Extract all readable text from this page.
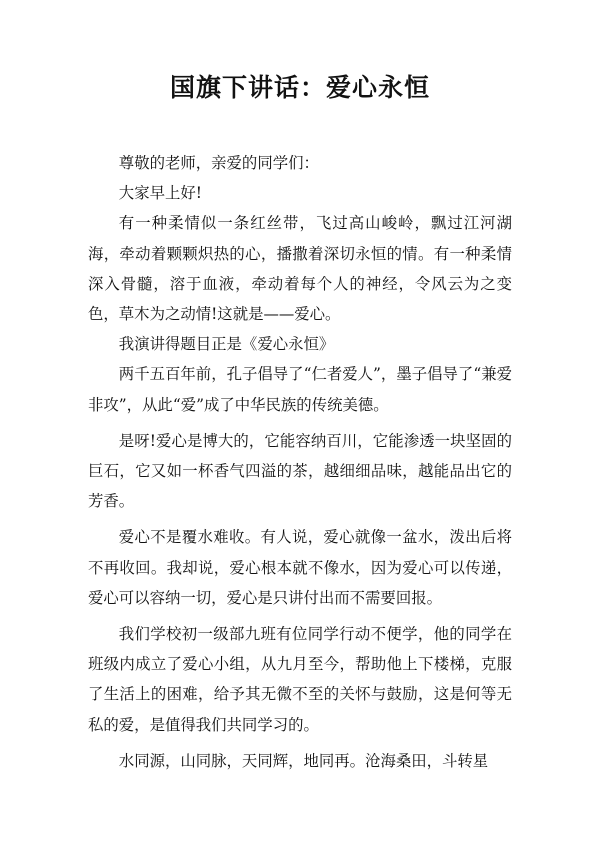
国旗下讲话：爱心永恒

尊敬的老师，亲爱的同学们：

大家早上好!

有一种柔情似一条红丝带，飞过高山峻岭，飘过江河湖海，牵动着颗颗炽热的心，播撒着深切永恒的情。有一种柔情深入骨髓，溶于血液，牵动着每个人的神经，令风云为之变色，草木为之动情!这就是——爱心。

我演讲得题目正是《爱心永恒》

两千五百年前，孔子倡导了“仁者爱人”，墨子倡导了“兼爱非攻”，从此“爱”成了中华民族的传统美德。

是呀!爱心是博大的，它能容纳百川，它能渗透一块坚固的巨石，它又如一杯香气四溢的茶，越细细品味，越能品出它的芳香。

爱心不是覆水难收。有人说，爱心就像一盆水，泼出后将不再收回。我却说，爱心根本就不像水，因为爱心可以传递，爱心可以容纳一切，爱心是只讲付出而不需要回报。

我们学校初一级部九班有位同学行动不便学，他的同学在班级内成立了爱心小组，从九月至今，帮助他上下楼梯，克服了生活上的困难，给予其无微不至的关怀与鼓励，这是何等无私的爱，是值得我们共同学习的。

水同源，山同脉，天同辉，地同再。沧海桑田，斗转星
